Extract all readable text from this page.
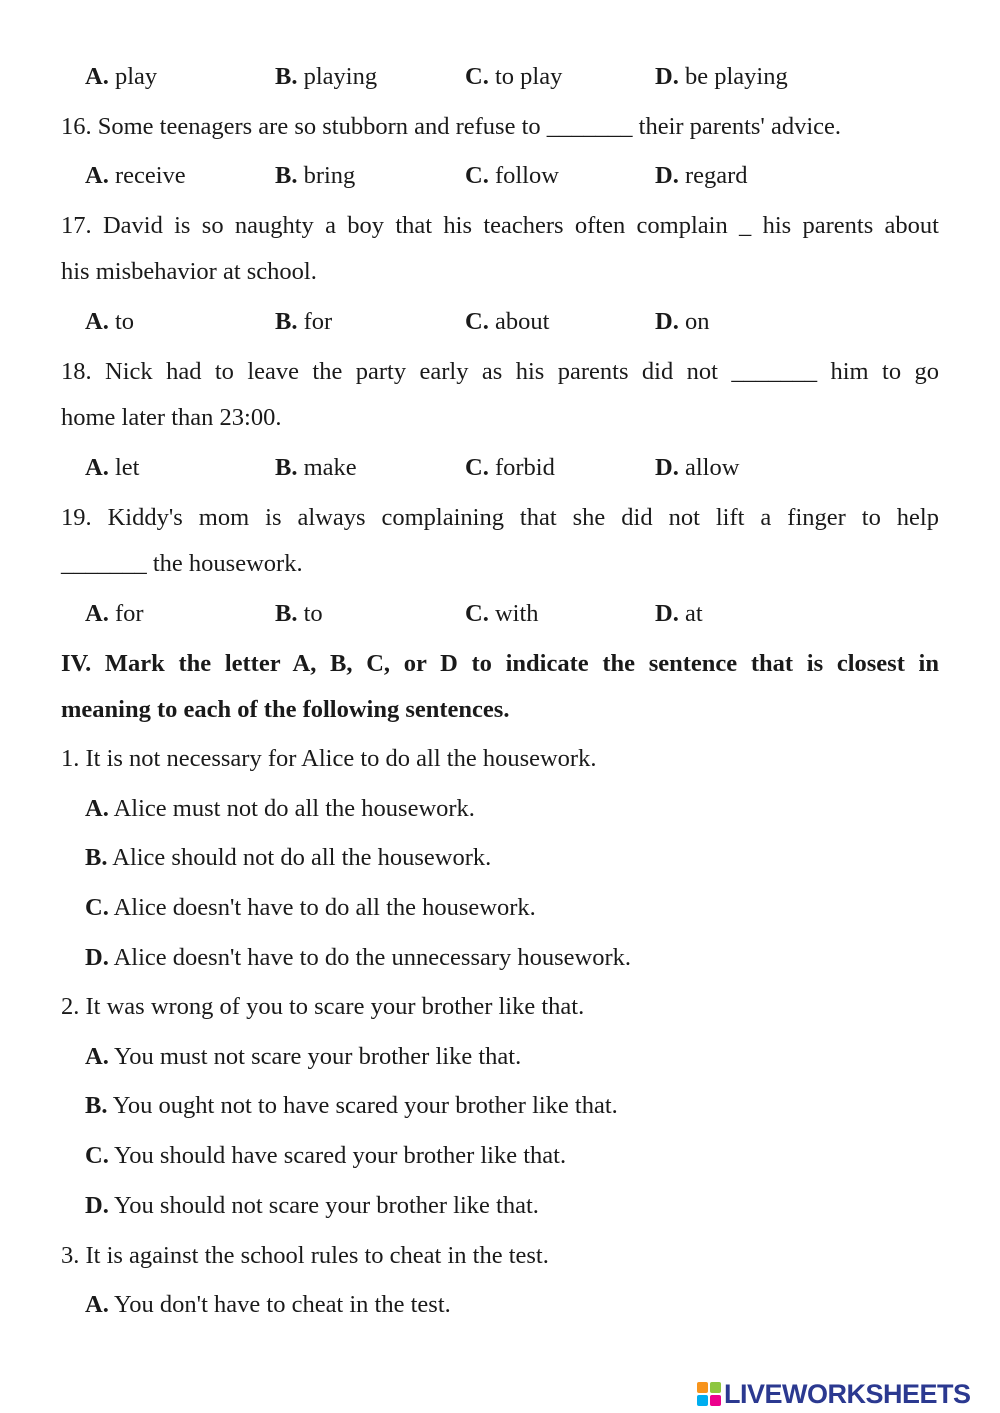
A. play	B. playing	C. to play	D. be playing
16. Some teenagers are so stubborn and refuse to _______ their parents' advice.
A. receive	B. bring	C. follow	D. regard
17. David is so naughty a boy that his teachers often complain _ his parents about
his misbehavior at school.
A. to	B. for	C. about	D. on
18. Nick had to leave the party early as his parents did not _______ him to go
home later than 23:00.
A. let	B. make	C. forbid	D. allow
19. Kiddy's mom is always complaining that she did not lift a finger to help
_______ the housework.
A. for	B. to	C. with	D. at
IV. Mark the letter A, B, C, or D to indicate the sentence that is closest in
meaning to each of the following sentences.
1. It is not necessary for Alice to do all the housework.
A. Alice must not do all the housework.
B. Alice should not do all the housework.
C. Alice doesn't have to do all the housework.
D. Alice doesn't have to do the unnecessary housework.
2. It was wrong of you to scare your brother like that.
A. You must not scare your brother like that.
B. You ought not to have scared your brother like that.
C. You should have scared your brother like that.
D. You should not scare your brother like that.
3. It is against the school rules to cheat in the test.
A. You don't have to cheat in the test.
LIVEWORKSHEETS
